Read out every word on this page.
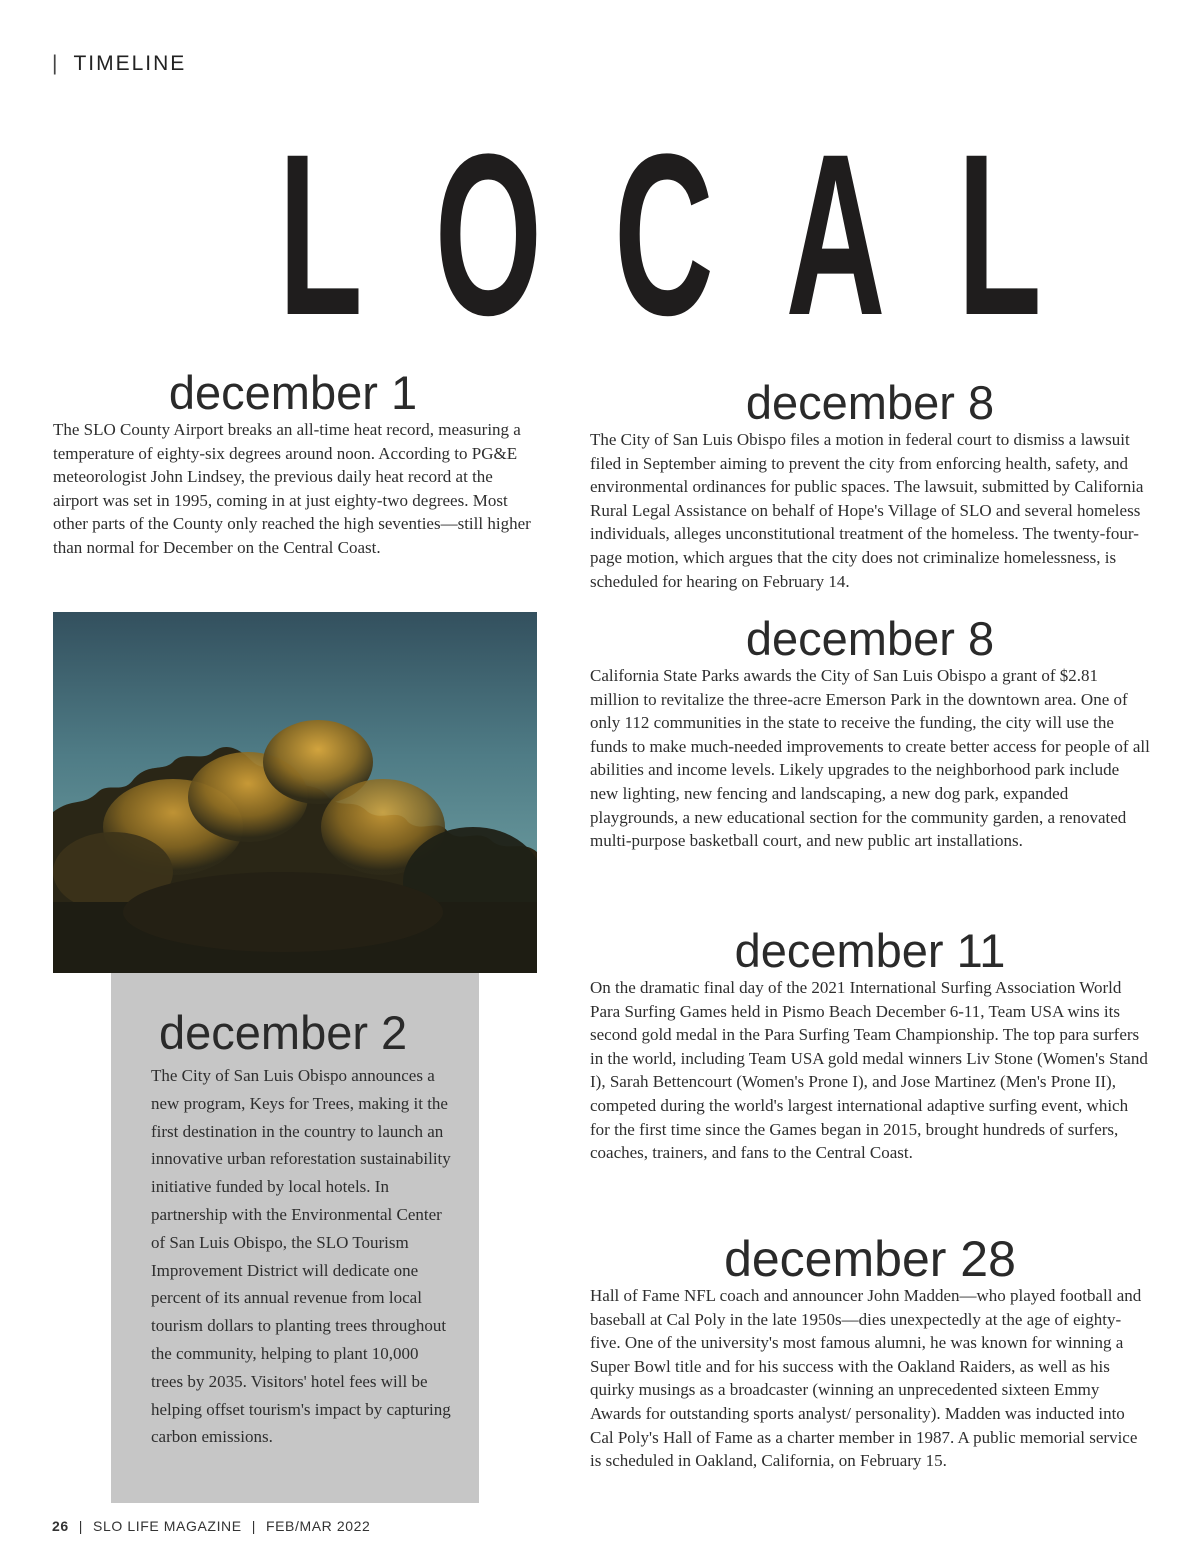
| TIMELINE
LOCAL
december 1

The SLO County Airport breaks an all-time heat record, measuring a temperature of eighty-six degrees around noon. According to PG&E meteorologist John Lindsey, the previous daily heat record at the airport was set in 1995, coming in at just eighty-two degrees. Most other parts of the County only reached the high seventies—still higher than normal for December on the Central Coast.

december 2

The City of San Luis Obispo announces a new program, Keys for Trees, making it the first destination in the country to launch an innovative urban reforestation sustainability initiative funded by local hotels. In partnership with the Environmental Center of San Luis Obispo, the SLO Tourism Improvement District will dedicate one percent of its annual revenue from local tourism dollars to planting trees throughout the community, helping to plant 10,000 trees by 2035. Visitors' hotel fees will be helping offset tourism's impact by capturing carbon emissions.

december 8

The City of San Luis Obispo files a motion in federal court to dismiss a lawsuit filed in September aiming to prevent the city from enforcing health, safety, and environmental ordinances for public spaces. The lawsuit, submitted by California Rural Legal Assistance on behalf of Hope's Village of SLO and several homeless individuals, alleges unconstitutional treatment of the homeless. The twenty-four-page motion, which argues that the city does not criminalize homelessness, is scheduled for hearing on February 14.

december 8

California State Parks awards the City of San Luis Obispo a grant of $2.81 million to revitalize the three-acre Emerson Park in the downtown area. One of only 112 communities in the state to receive the funding, the city will use the funds to make much-needed improvements to create better access for people of all abilities and income levels. Likely upgrades to the neighborhood park include new lighting, new fencing and landscaping, a new dog park, expanded playgrounds, a new educational section for the community garden, a renovated multi-purpose basketball court, and new public art installations.

december 11

On the dramatic final day of the 2021 International Surfing Association World Para Surfing Games held in Pismo Beach December 6-11, Team USA wins its second gold medal in the Para Surfing Team Championship. The top para surfers in the world, including Team USA gold medal winners Liv Stone (Women's Stand I), Sarah Bettencourt (Women's Prone I), and Jose Martinez (Men's Prone II), competed during the world's largest international adaptive surfing event, which for the first time since the Games began in 2015, brought hundreds of surfers, coaches, trainers, and fans to the Central Coast.

december 28

Hall of Fame NFL coach and announcer John Madden—who played football and baseball at Cal Poly in the late 1950s—dies unexpectedly at the age of eighty-five. One of the university's most famous alumni, he was known for winning a Super Bowl title and for his success with the Oakland Raiders, as well as his quirky musings as a broadcaster (winning an unprecedented sixteen Emmy Awards for outstanding sports analyst/ personality). Madden was inducted into Cal Poly's Hall of Fame as a charter member in 1987. A public memorial service is scheduled in Oakland, California, on February 15.

26 | SLO LIFE MAGAZINE | FEB/MAR 2022
